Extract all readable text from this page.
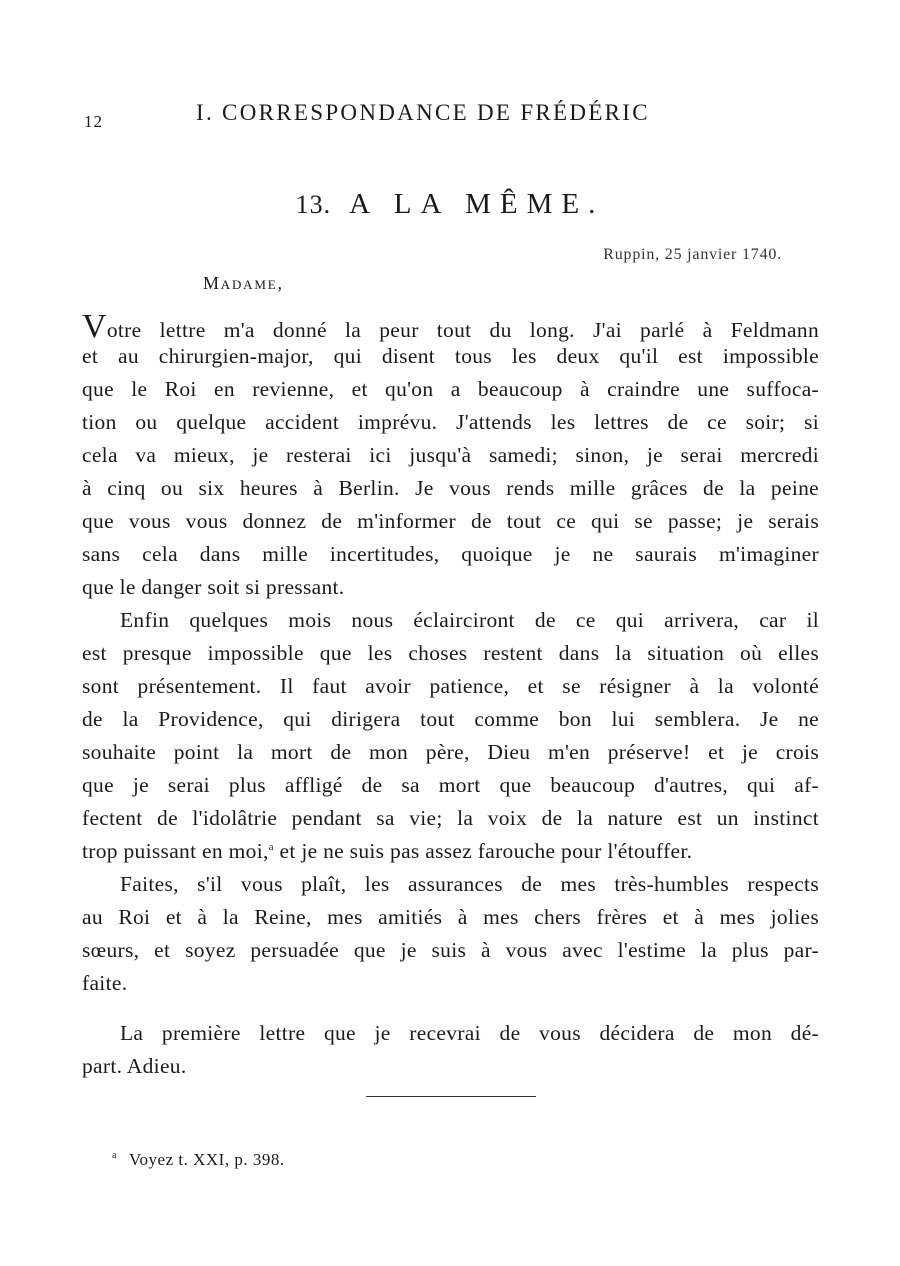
12	I. CORRESPONDANCE DE FRÉDÉRIC
13. A LA MÊME.
Ruppin, 25 janvier 1740.
Madame,
Votre lettre m'a donné la peur tout du long. J'ai parlé à Feldmann
et au chirurgien-major, qui disent tous les deux qu'il est impossible
que le Roi en revienne, et qu'on a beaucoup à craindre une suffoca-
tion ou quelque accident imprévu. J'attends les lettres de ce soir; si
cela va mieux, je resterai ici jusqu'à samedi; sinon, je serai mercredi
à cinq ou six heures à Berlin. Je vous rends mille grâces de la peine
que vous vous donnez de m'informer de tout ce qui se passe; je serais
sans cela dans mille incertitudes, quoique je ne saurais m'imaginer
que le danger soit si pressant.
Enfin quelques mois nous éclairciront de ce qui arrivera, car il
est presque impossible que les choses restent dans la situation où elles
sont présentement. Il faut avoir patience, et se résigner à la volonté
de la Providence, qui dirigera tout comme bon lui semblera. Je ne
souhaite point la mort de mon père, Dieu m'en préserve! et je crois
que je serai plus affligé de sa mort que beaucoup d'autres, qui af-
fectent de l'idolâtrie pendant sa vie; la voix de la nature est un instinct
trop puissant en moi,$^a$ et je ne suis pas assez farouche pour l'étouffer.
Faites, s'il vous plaît, les assurances de mes très-humbles respects
au Roi et à la Reine, mes amitiés à mes chers frères et à mes jolies
sœurs, et soyez persuadée que je suis à vous avec l'estime la plus par-
faite.
La première lettre que je recevrai de vous décidera de mon dé-
part. Adieu.
$^a$ Voyez t. XXI, p. 398.
